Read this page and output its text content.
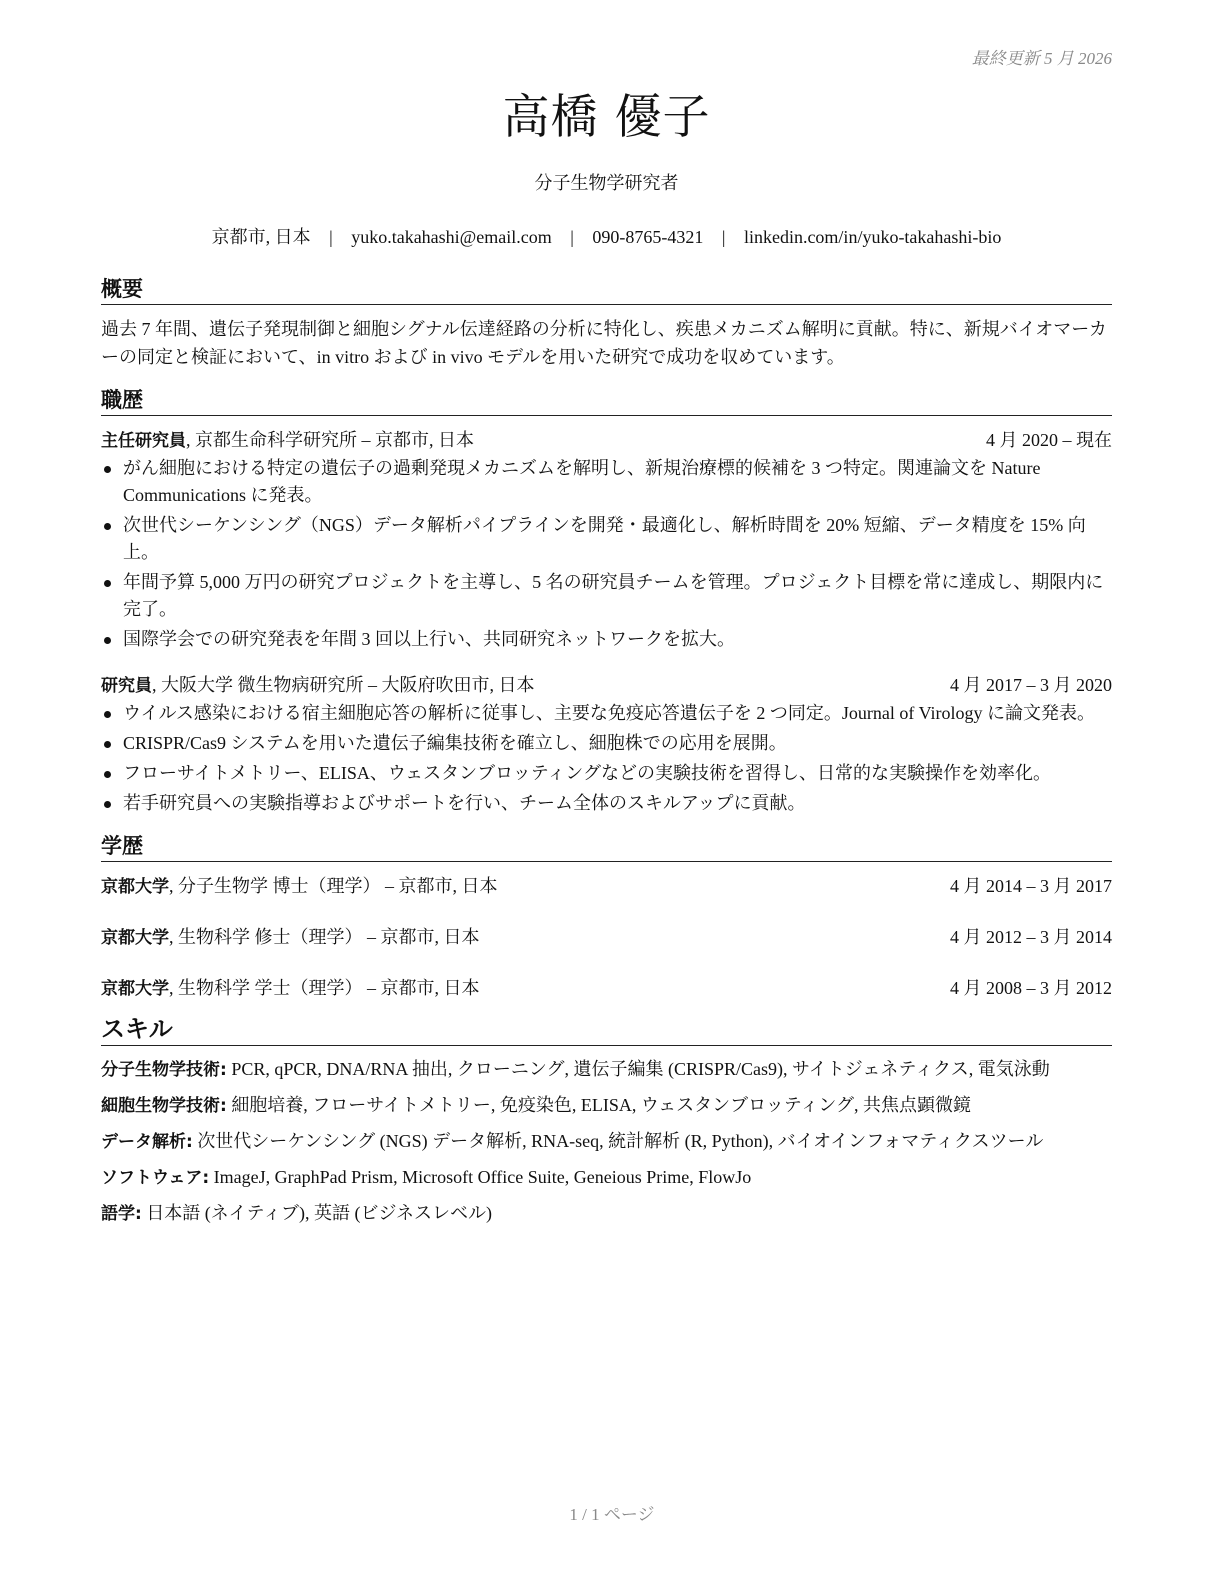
最終更新 5 月 2026
高橋 優子
分子生物学研究者
京都市, 日本 | yuko.takahashi@email.com | 090-8765-4321 | linkedin.com/in/yuko-takahashi-bio
概要
過去 7 年間、遺伝子発現制御と細胞シグナル伝達経路の分析に特化し、疾患メカニズム解明に貢献。特に、新規バイオマーカーの同定と検証において、in vitro および in vivo モデルを用いた研究で成功を収めています。
職歴
主任研究員, 京都生命科学研究所 – 京都市, 日本	4 月 2020 – 現在
がん細胞における特定の遺伝子の過剰発現メカニズムを解明し、新規治療標的候補を 3 つ特定。関連論文を Nature Communications に発表。
次世代シーケンシング（NGS）データ解析パイプラインを開発・最適化し、解析時間を 20% 短縮、データ精度を 15% 向上。
年間予算 5,000 万円の研究プロジェクトを主導し、5 名の研究員チームを管理。プロジェクト目標を常に達成し、期限内に完了。
国際学会での研究発表を年間 3 回以上行い、共同研究ネットワークを拡大。
研究員, 大阪大学 微生物病研究所 – 大阪府吹田市, 日本	4 月 2017 – 3 月 2020
ウイルス感染における宿主細胞応答の解析に従事し、主要な免疫応答遺伝子を 2 つ同定。Journal of Virology に論文発表。
CRISPR/Cas9 システムを用いた遺伝子編集技術を確立し、細胞株での応用を展開。
フローサイトメトリー、ELISA、ウェスタンブロッティングなどの実験技術を習得し、日常的な実験操作を効率化。
若手研究員への実験指導およびサポートを行い、チーム全体のスキルアップに貢献。
学歴
京都大学, 分子生物学 博士（理学） – 京都市, 日本	4 月 2014 – 3 月 2017
京都大学, 生物科学 修士（理学） – 京都市, 日本	4 月 2012 – 3 月 2014
京都大学, 生物科学 学士（理学） – 京都市, 日本	4 月 2008 – 3 月 2012
スキル
分子生物学技術: PCR, qPCR, DNA/RNA 抽出, クローニング, 遺伝子編集 (CRISPR/Cas9), サイトジェネティクス, 電気泳動
細胞生物学技術: 細胞培養, フローサイトメトリー, 免疫染色, ELISA, ウェスタンブロッティング, 共焦点顕微鏡
データ解析: 次世代シーケンシング (NGS) データ解析, RNA-seq, 統計解析 (R, Python), バイオインフォマティクスツール
ソフトウェア: ImageJ, GraphPad Prism, Microsoft Office Suite, Geneious Prime, FlowJo
語学: 日本語 (ネイティブ), 英語 (ビジネスレベル)
1 / 1 ページ
